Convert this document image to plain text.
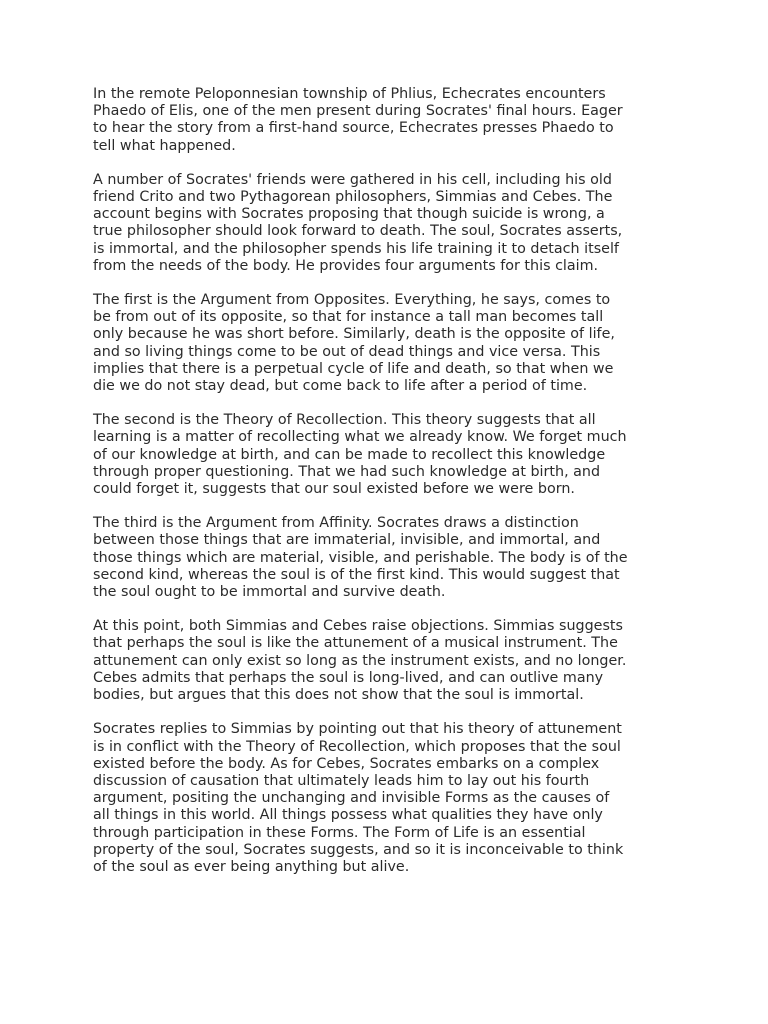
In the remote Peloponnesian township of Phlius, Echecrates encounters
Phaedo of Elis, one of the men present during Socrates' final hours. Eager
to hear the story from a first-hand source, Echecrates presses Phaedo to
tell what happened.

A number of Socrates' friends were gathered in his cell, including his old
friend Crito and two Pythagorean philosophers, Simmias and Cebes. The
account begins with Socrates proposing that though suicide is wrong, a
true philosopher should look forward to death. The soul, Socrates asserts,
is immortal, and the philosopher spends his life training it to detach itself
from the needs of the body. He provides four arguments for this claim.

The first is the Argument from Opposites. Everything, he says, comes to
be from out of its opposite, so that for instance a tall man becomes tall
only because he was short before. Similarly, death is the opposite of life,
and so living things come to be out of dead things and vice versa. This
implies that there is a perpetual cycle of life and death, so that when we
die we do not stay dead, but come back to life after a period of time.

The second is the Theory of Recollection. This theory suggests that all
learning is a matter of recollecting what we already know. We forget much
of our knowledge at birth, and can be made to recollect this knowledge
through proper questioning. That we had such knowledge at birth, and
could forget it, suggests that our soul existed before we were born.

The third is the Argument from Affinity. Socrates draws a distinction
between those things that are immaterial, invisible, and immortal, and
those things which are material, visible, and perishable. The body is of the
second kind, whereas the soul is of the first kind. This would suggest that
the soul ought to be immortal and survive death.

At this point, both Simmias and Cebes raise objections. Simmias suggests
that perhaps the soul is like the attunement of a musical instrument. The
attunement can only exist so long as the instrument exists, and no longer.
Cebes admits that perhaps the soul is long-lived, and can outlive many
bodies, but argues that this does not show that the soul is immortal.

Socrates replies to Simmias by pointing out that his theory of attunement
is in conflict with the Theory of Recollection, which proposes that the soul
existed before the body. As for Cebes, Socrates embarks on a complex
discussion of causation that ultimately leads him to lay out his fourth
argument, positing the unchanging and invisible Forms as the causes of
all things in this world. All things possess what qualities they have only
through participation in these Forms. The Form of Life is an essential
property of the soul, Socrates suggests, and so it is inconceivable to think
of the soul as ever being anything but alive.
